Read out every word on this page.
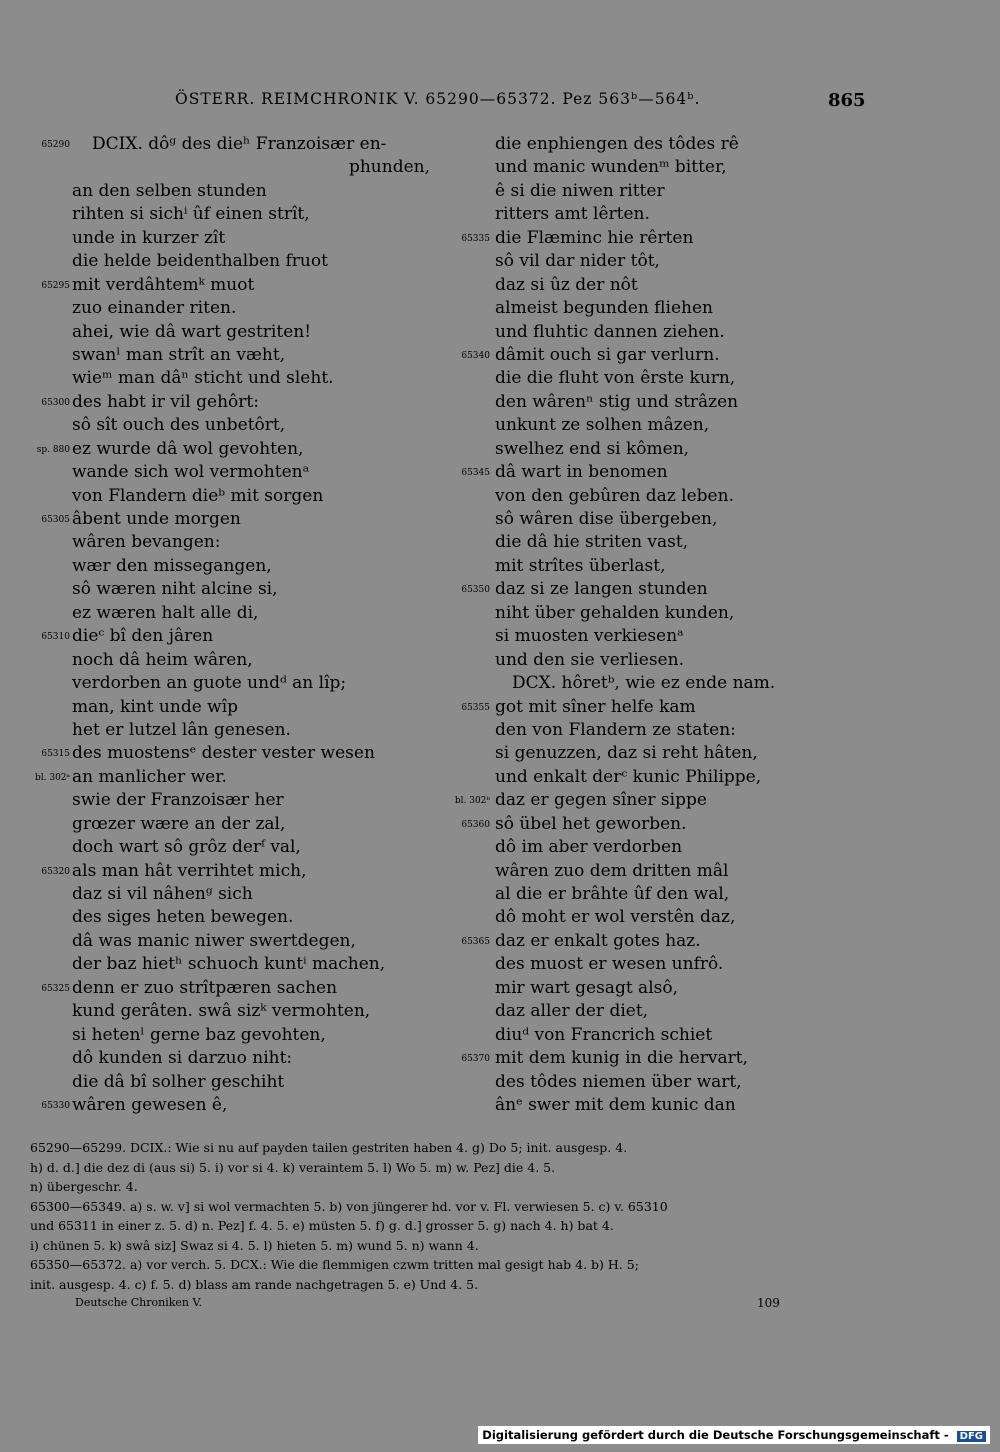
ÖSTERR. REIMCHRONIK V. 65290—65372. Pez 563ᵇ—564ᵇ.	865
65290 DCIX. dôᵍ des dieʰ Franzoisær en-
phunden,
an den selben stunden
rihten si sichⁱ ûf einen strît,
unde in kurzer zît
die helde beidenthalben fruot
65295 mit verdâhtemᵏ muot
zuo einander riten.
ahei, wie dâ wart gestriten!
swanˡ man strît an væht,
wieᵐ man dâⁿ sticht und sleht.
65300 des habt ir vil gehôrt:
sô sît ouch des unbetôrt,
sp. 880 ez wurde dâ wol gevohten,
wande sich wol vermohtenᵃ
von Flandern dieᵇ mit sorgen
65305 âbent unde morgen
wâren bevangen:
wær den missegangen,
sô wæren niht alcine si,
ez wæren halt alle di,
65310 dieᶜ bî den jâren
noch dâ heim wâren,
verdorben an guote undᵈ an lîp;
man, kint unde wîp
het er lutzel lân genesen.
65315 des muostensᵉ dester vester wesen
bl. 302ᵃ an manlicher wer.
swie der Franzoisær her
grœzer wære an der zal,
doch wart sô grôz derᶠ val,
65320 als man hât verrihtet mich,
daz si vil nâhenᵍ sich
des siges heten bewegen.
dâ was manic niwer swertdegen,
der baz hietʰ schuoch kuntⁱ machen,
65325 denn er zuo strîtpæren sachen
kund gerâten. swâ sizᵏ vermohten,
si hetenˡ gerne baz gevohten,
dô kunden si darzuo niht:
die dâ bî solher geschiht
65330 wâren gewesen ê,
die enphiengen des tôdes rê
und manic wundenᵐ bitter,
ê si die niwen ritter
ritters amt lêrten.
65335 die Flæminc hie rêrten
sô vil dar nider tôt,
daz si ûz der nôt
almeist begunden fliehen
und fluhtic dannen ziehen.
65340 dâmit ouch si gar verlurn.
die die fluht von êrste kurn,
den wârenⁿ stig und strâzen
unkunt ze solhen mâzen,
swelhez end si kômen,
65345 dâ wart in benomen
von den gebûren daz leben.
sô wâren dise übergeben,
die dâ hie striten vast,
mit strîtes überlast,
65350 daz si ze langen stunden
niht über gehalden kunden,
si muosten verkiesenᵃ
und den sie verliesen.
DCX. hôretᵇ, wie ez ende nam.
65355 got mit sîner helfe kam
den von Flandern ze staten:
si genuzzen, daz si reht hâten,
und enkalt derᶜ kunic Philippe,
bl. 302ᵇ daz er gegen sîner sippe
65360 sô übel het geworben.
dô im aber verdorben
wâren zuo dem dritten mâl
al die er brâhte ûf den wal,
dô moht er wol verstên daz,
65365 daz er enkalt gotes haz.
des muost er wesen unfrô.
mir wart gesagt alsô,
daz aller der diet,
diuᵈ von Francrich schiet
65370 mit dem kunig in die hervart,
des tôdes niemen über wart,
ânᵉ swer mit dem kunic dan
65290—65299. DCIX.: Wie si nu auf payden tailen gestriten haben 4. g) Do 5; init. ausgesp. 4.
h) d. d.] die dez di (aus si) 5. i) vor si 4. k) veraintem 5. l) Wo 5. m) w. Pez] die 4. 5.
n) übergeschr. 4.
65300—65349. a) s. w. v] si wol vermachten 5. b) von jüngerer hd. vor v. Fl. verwiesen 5. c) v. 65310
und 65311 in einer z. 5. d) n. Pez] f. 4. 5. e) müsten 5. f) g. d.] grosser 5. g) nach 4. h) bat 4.
i) chünen 5. k) swâ siz] Swaz si 4. 5. l) hieten 5. m) wund 5. n) wann 4.
65350—65372. a) vor verch. 5. DCX.: Wie die flemmigen czwm tritten mal gesigt hab 4. b) H. 5;
init. ausgesp. 4. c) f. 5. d) blass am rande nachgetragen 5. e) Und 4. 5.
Deutsche Chroniken V.	109
Digitalisierung gefördert durch die Deutsche Forschungsgemeinschaft - DFG
